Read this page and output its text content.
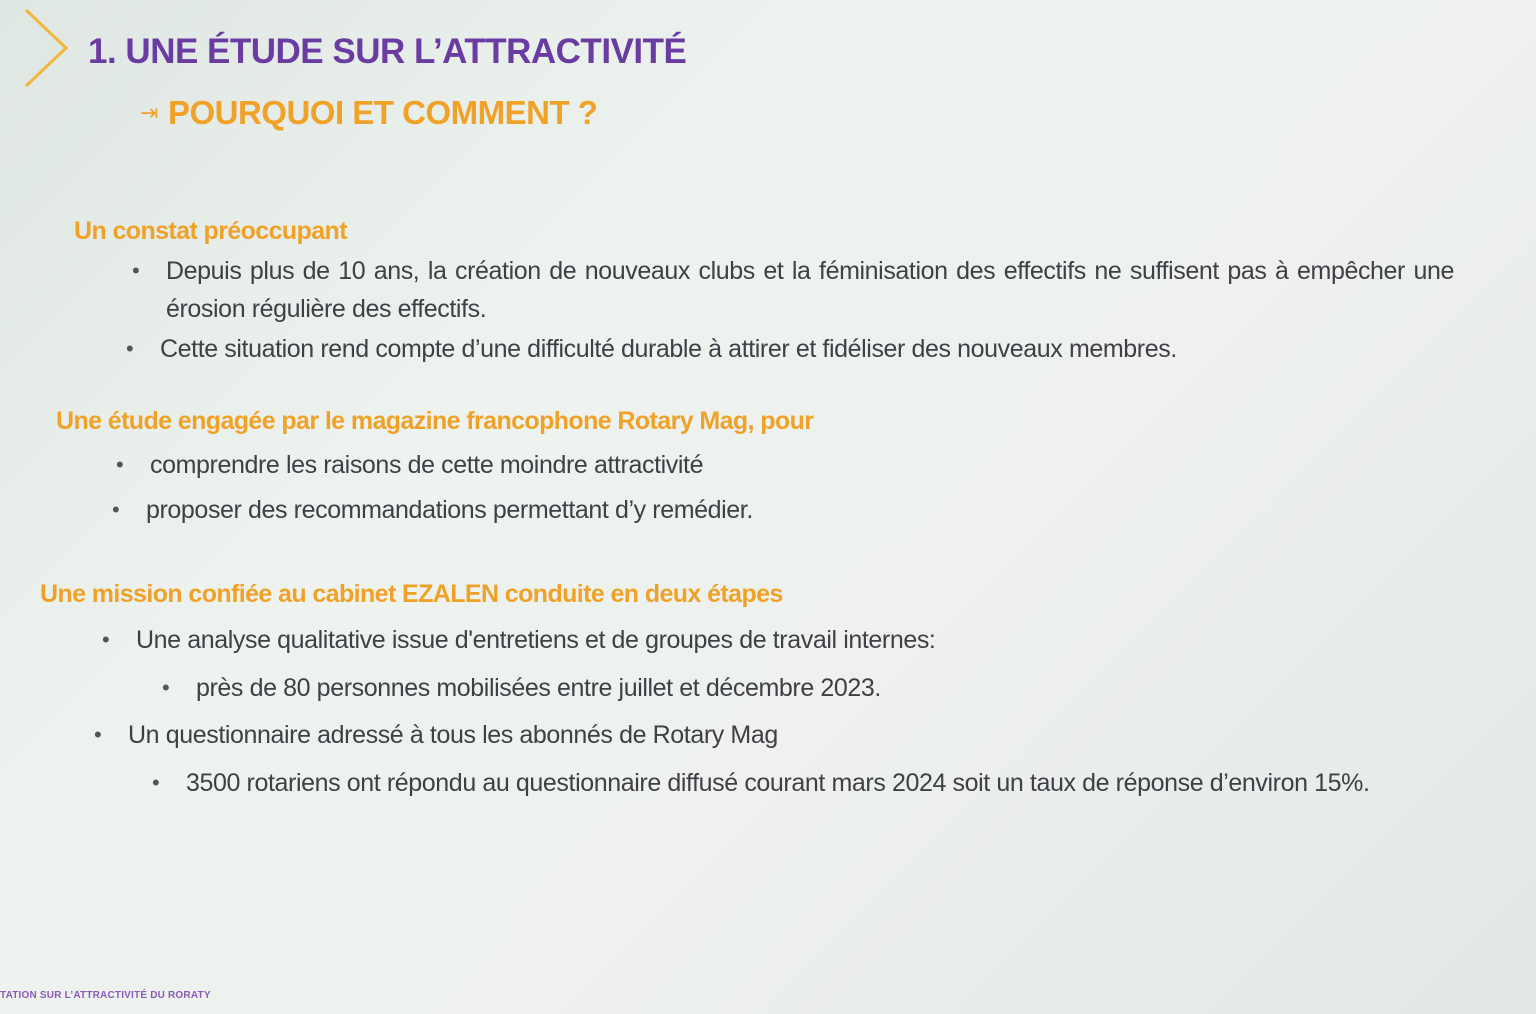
1. UNE ÉTUDE SUR L’ATTRACTIVITÉ
⇥ POURQUOI ET COMMENT ?
Un constat préoccupant
• Depuis plus de 10 ans, la création de nouveaux clubs et la féminisation des effectifs ne suffisent pas à empêcher une érosion régulière des effectifs.
• Cette situation rend compte d’une difficulté durable à attirer et fidéliser des nouveaux membres.
Une étude engagée par le magazine francophone Rotary Mag, pour
• comprendre les raisons de cette moindre attractivité
• proposer des recommandations permettant d’y remédier.
Une mission confiée au cabinet EZALEN conduite en deux étapes
• Une analyse qualitative issue d'entretiens et de groupes de travail internes:
• près de 80 personnes mobilisées entre juillet et décembre 2023.
• Un questionnaire adressé à tous les abonnés de Rotary Mag
• 3500 rotariens ont répondu au questionnaire diffusé courant mars 2024 soit un taux de réponse d’environ 15%.
TATION SUR L’ATTRACTIVITÉ DU RORATY
